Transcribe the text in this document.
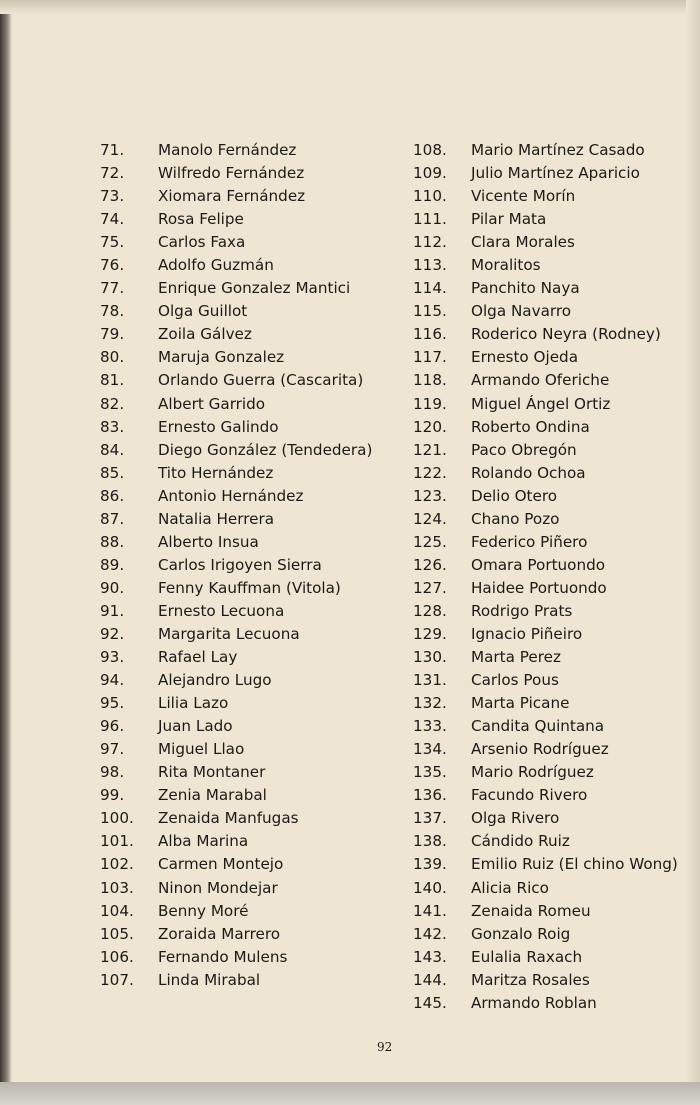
71. Manolo Fernández
72. Wilfredo Fernández
73. Xiomara Fernández
74. Rosa Felipe
75. Carlos Faxa
76. Adolfo Guzmán
77. Enrique Gonzalez Mantici
78. Olga Guillot
79. Zoila Gálvez
80. Maruja Gonzalez
81. Orlando Guerra (Cascarita)
82. Albert Garrido
83. Ernesto Galindo
84. Diego González (Tendedera)
85. Tito Hernández
86. Antonio Hernández
87. Natalia Herrera
88. Alberto Insua
89. Carlos Irigoyen Sierra
90. Fenny Kauffman (Vitola)
91. Ernesto Lecuona
92. Margarita Lecuona
93. Rafael Lay
94. Alejandro Lugo
95. Lilia Lazo
96. Juan Lado
97. Miguel Llao
98. Rita Montaner
99. Zenia Marabal
100. Zenaida Manfugas
101. Alba Marina
102. Carmen Montejo
103. Ninon Mondejar
104. Benny Moré
105. Zoraida Marrero
106. Fernando Mulens
107. Linda Mirabal
108. Mario Martínez Casado
109. Julio Martínez Aparicio
110. Vicente Morín
111. Pilar Mata
112. Clara Morales
113. Moralitos
114. Panchito Naya
115. Olga Navarro
116. Roderico Neyra (Rodney)
117. Ernesto Ojeda
118. Armando Oferiche
119. Miguel Ángel Ortiz
120. Roberto Ondina
121. Paco Obregón
122. Rolando Ochoa
123. Delio Otero
124. Chano Pozo
125. Federico Piñero
126. Omara Portuondo
127. Haidee Portuondo
128. Rodrigo Prats
129. Ignacio Piñeiro
130. Marta Perez
131. Carlos Pous
132. Marta Picane
133. Candita Quintana
134. Arsenio Rodríguez
135. Mario Rodríguez
136. Facundo Rivero
137. Olga Rivero
138. Cándido Ruiz
139. Emilio Ruiz (El chino Wong)
140. Alicia Rico
141. Zenaida Romeu
142. Gonzalo Roig
143. Eulalia Raxach
144. Maritza Rosales
145. Armando Roblan
92
